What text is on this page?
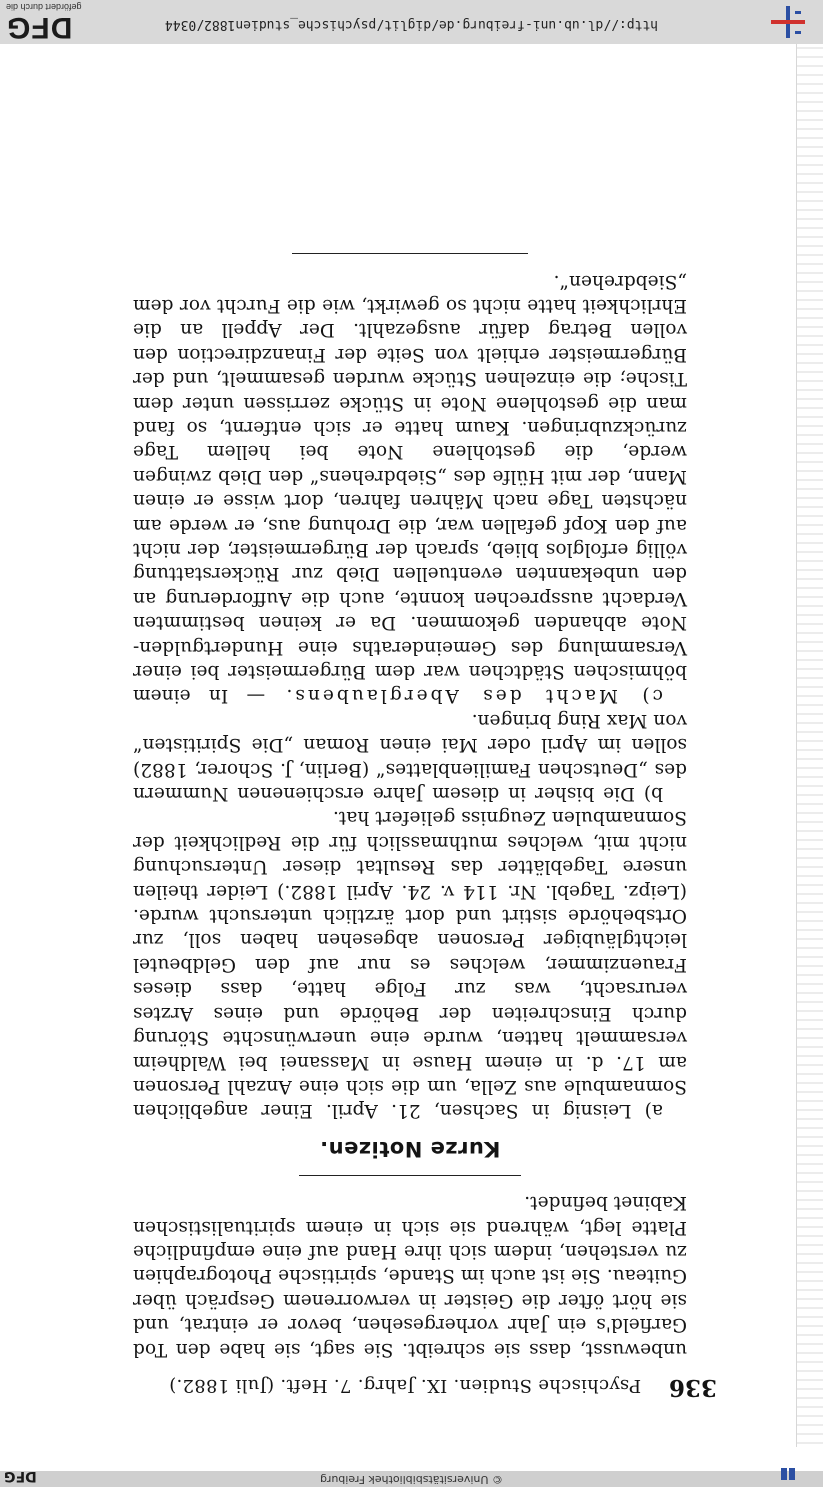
© Universitätsbibliothek Freiburg
DFG
336
Psychische Studien. IX. Jahrg. 7. Heft. (Juli 1882.)

unbewusst, dass sie schreibt. Sie sagt, sie habe den Tod Garfield's ein Jahr vorhergesehen, bevor er eintrat, und sie hört öfter die Geister in verworrenem Gespräch über Guiteau. Sie ist auch im Stande, spiritische Photographien zu verstehen, indem sich ihre Hand auf eine empfindliche Platte legt, während sie sich in einem spiritualistischen Kabinet befindet.

Kurze Notizen.

a) Leisnig in Sachsen, 21. April. Einer angeblichen Somnambule aus Zella, um die sich eine Anzahl Personen am 17. d. in einem Hause in Massanei bei Waldheim versammelt hatten, wurde eine unerwünschte Störung durch Einschreiten der Behörde und eines Arztes verursacht, was zur Folge hatte, dass dieses Frauenzimmer, welches es nur auf den Geldbeutel leichtgläubiger Personen abgesehen haben soll, zur Ortsbehörde sistirt und dort ärztlich untersucht wurde. (Leipz. Tagebl. Nr. 114 v. 24. April 1882.) Leider theilen unsere Tageblätter das Resultat dieser Untersuchung nicht mit, welches muthmasslich für die Redlichkeit der Somnambulen Zeugniss geliefert hat.

b) Die bisher in diesem Jahre erschienenen Nummern des „Deutschen Familienblattes“ (Berlin, J. Schorer, 1882) sollen im April oder Mai einen Roman „Die Spiritisten“ von Max Ring bringen.

c) Macht des Aberglaubens. — In einem böhmischen Städtchen war dem Bürgermeister bei einer Versammlung des Gemeinderaths eine Hundertgulden-Note abhanden gekommen. Da er keinen bestimmten Verdacht aussprechen konnte, auch die Aufforderung an den unbekannten eventuellen Dieb zur Rückerstattung völlig erfolglos blieb, sprach der Bürgermeister, der nicht auf den Kopf gefallen war, die Drohung aus, er werde am nächsten Tage nach Mähren fahren, dort wisse er einen Mann, der mit Hülfe des „Siebdrehens“ den Dieb zwingen werde, die gestohlene Note bei hellem Tage zurückzubringen. Kaum hatte er sich entfernt, so fand man die gestohlene Note in Stücke zerrissen unter dem Tische; die einzelnen Stücke wurden gesammelt, und der Bürgermeister erhielt von Seite der Finanzdirection den vollen Betrag dafür ausgezahlt. Der Appell an die Ehrlichkeit hatte nicht so gewirkt, wie die Furcht vor dem „Siebdrehen“.

http://dl.ub.uni-freiburg.de/diglit/psychische_studien1882/0344
DFG
gefördert durch die
